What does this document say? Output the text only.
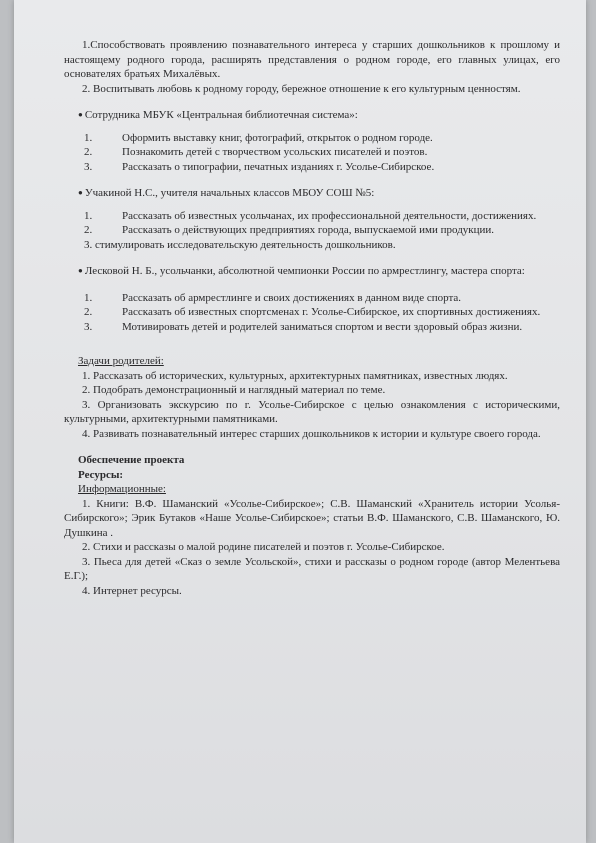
1.Способствовать проявлению познавательного интереса у старших дошкольников к прошлому и настоящему родного города, расширять представления о родном городе, его главных улицах, его основателях братьях Михалёвых.

2. Воспитывать любовь к родному городу, бережное отношение к его культурным ценностям.

● Сотрудника МБУК «Центральная библиотечная система»:

1.	Оформить выставку книг, фотографий, открыток о родном городе.
2.	Познакомить детей с творчеством усольских писателей и поэтов.
3.	Рассказать о типографии, печатных изданиях г. Усолье-Сибирское.

● Учакиной Н.С., учителя начальных классов МБОУ СОШ №5:

1.	Рассказать об известных усольчанах, их профессиональной деятельности, достижениях.

2.	Рассказать о действующих предприятиях города, выпускаемой ими продукции.

3. стимулировать исследовательскую деятельность дошкольников.

● Лесковой Н. Б., усольчанки, абсолютной чемпионки России по армрестлингу, мастера спорта:

1.	Рассказать об армрестлинге и своих достижениях в данном виде спорта.

2.	Рассказать об известных спортсменах г. Усолье-Сибирское, их спортивных достижениях.

3.	Мотивировать детей и родителей заниматься спортом и вести здоровый образ жизни.

Задачи родителей:

1. Рассказать об исторических, культурных, архитектурных памятниках, известных людях.

2. Подобрать демонстрационный и наглядный материал по теме.

3. Организовать экскурсию по г. Усолье-Сибирское с целью ознакомления с историческими, культурными, архитектурными памятниками.

4. Развивать познавательный интерес старших дошкольников к истории и культуре своего города.

Обеспечение проекта

Ресурсы:

Информационные:

1. Книги: В.Ф. Шаманский «Усолье-Сибирское»; С.В. Шаманский «Хранитель истории Усолья-Сибирского»; Эрик Бутаков «Наше Усолье-Сибирское»; статьи В.Ф. Шаманского, С.В. Шаманского, Ю. Душкина .

2. Стихи и рассказы о малой родине писателей и поэтов г. Усолье-Сибирское.

3. Пьеса для детей «Сказ о земле Усольской», стихи и рассказы о родном городе (автор Мелентьева Е.Г.);

4. Интернет ресурсы.
